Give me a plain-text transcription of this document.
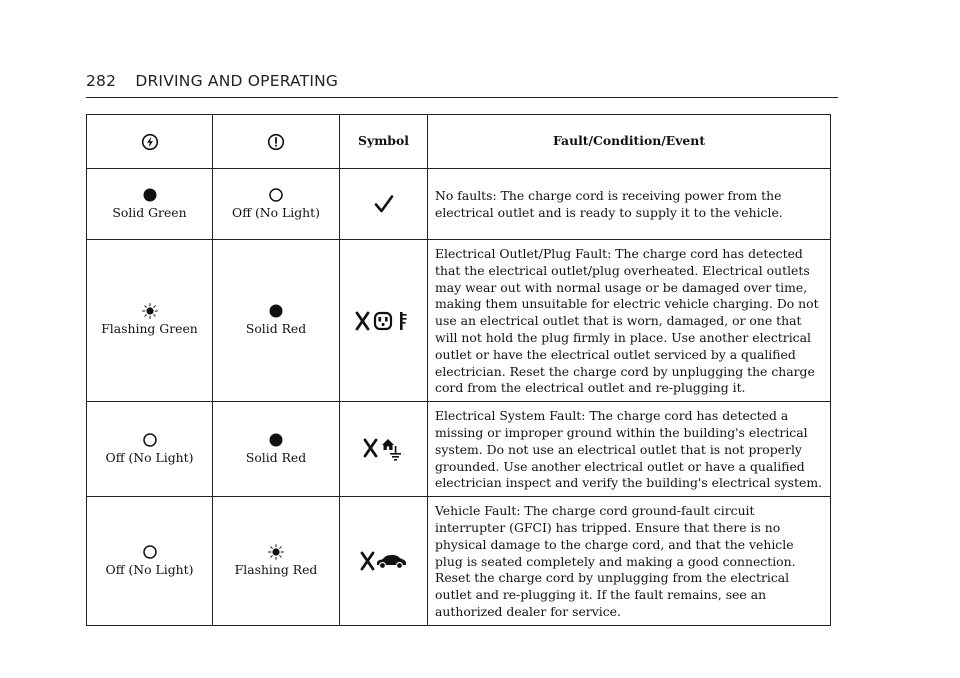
282 DRIVING AND OPERATING
		Symbol	Fault/Condition/Event

Solid Green	Off (No Light)		No faults: The charge cord is receiving power from the electrical outlet and is ready to supply it to the vehicle.

Flashing Green	Solid Red		Electrical Outlet/Plug Fault: The charge cord has detected that the electrical outlet/plug overheated. Electrical outlets may wear out with normal usage or be damaged over time, making them unsuitable for electric vehicle charging. Do not use an electrical outlet that is worn, damaged, or one that will not hold the plug firmly in place. Use another electrical outlet or have the electrical outlet serviced by a qualified electrician. Reset the charge cord by unplugging the charge cord from the electrical outlet and re-plugging it.

Off (No Light)	Solid Red		Electrical System Fault: The charge cord has detected a missing or improper ground within the building's electrical system. Do not use an electrical outlet that is not properly grounded. Use another electrical outlet or have a qualified electrician inspect and verify the building's electrical system.

Off (No Light)	Flashing Red		Vehicle Fault: The charge cord ground-fault circuit interrupter (GFCI) has tripped. Ensure that there is no physical damage to the charge cord, and that the vehicle plug is seated completely and making a good connection. Reset the charge cord by unplugging from the electrical outlet and re-plugging it. If the fault remains, see an authorized dealer for service.
